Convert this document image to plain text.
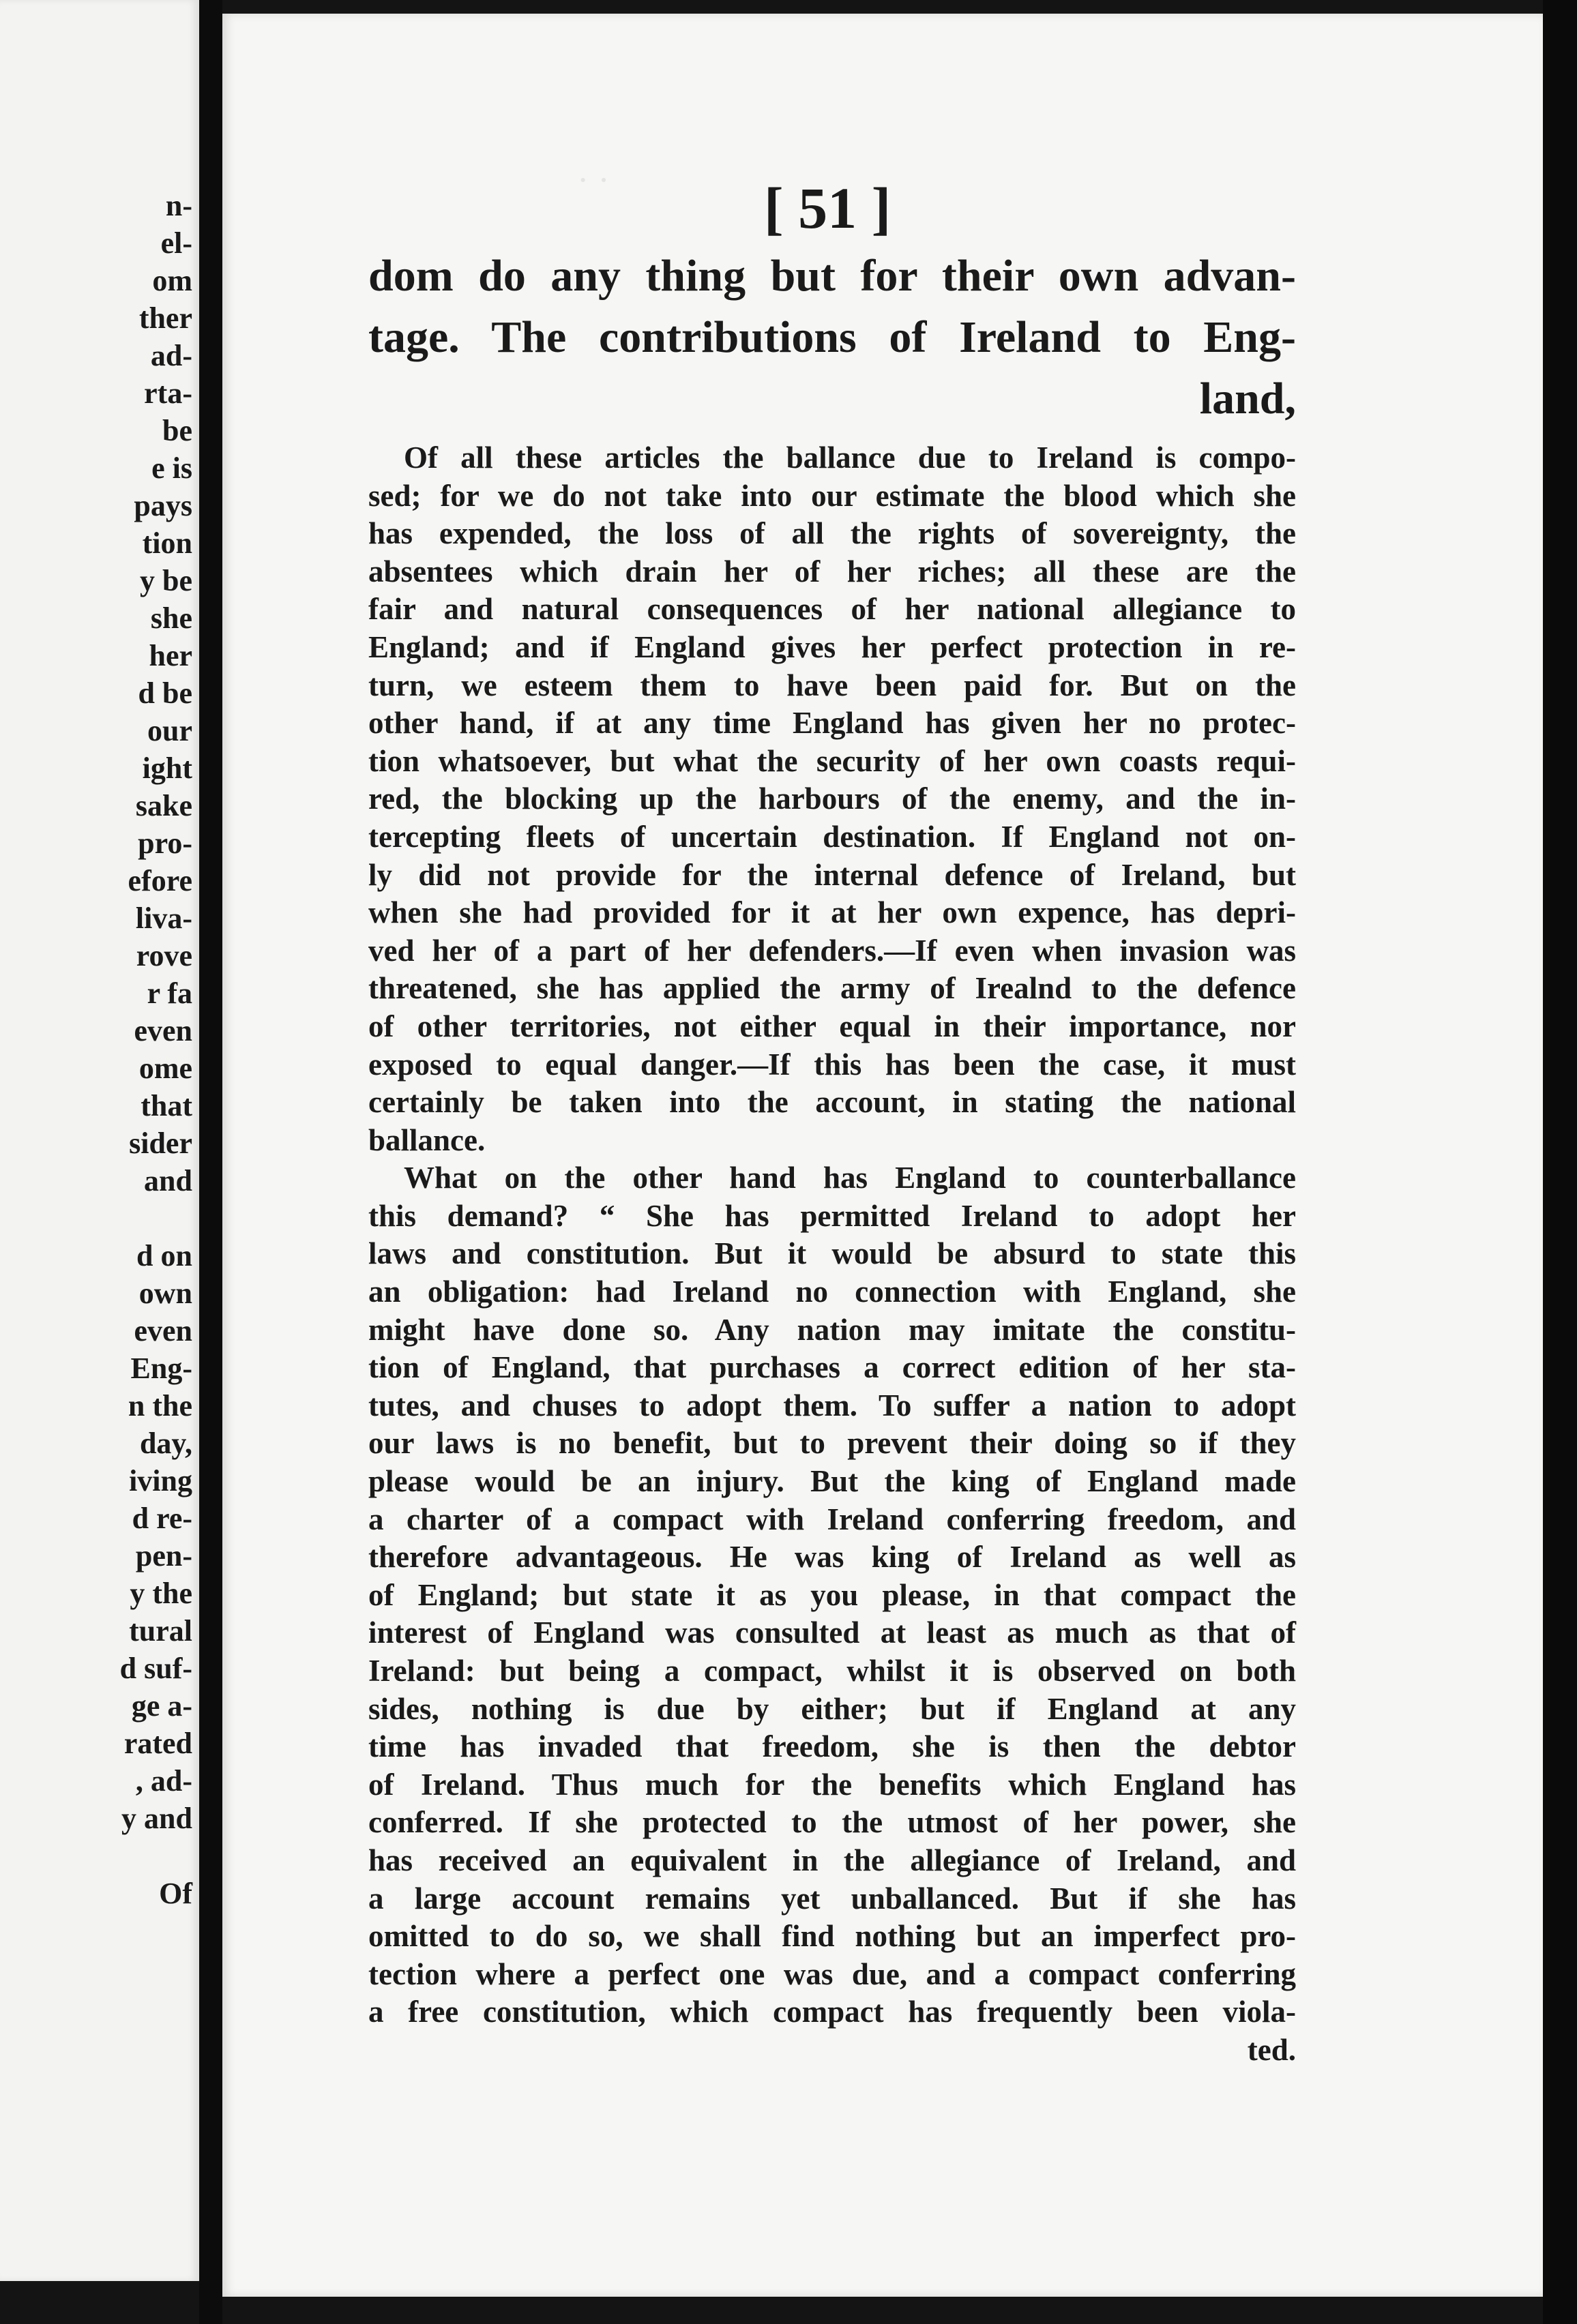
n-
el-
om
ther
ad-
rta-
be
e is
pays
tion
y be
she
her
d be
our
ight
sake
pro-
efore
liva-
rove
r fa
even
ome
that
sider
and
d on
own
even
Eng-
n the
day,
iving
d re-
pen-
y the
tural
d suf-
ge a-
rated
, ad-
y and
Of
· ·	[ 51 ]
dom do any thing but for their own advan-
tage. The contributions of Ireland to Eng-
land,
Of all these articles the ballance due to Ireland is compo-
sed; for we do not take into our estimate the blood which she
has expended, the loss of all the rights of sovereignty, the
absentees which drain her of her riches; all these are the
fair and natural consequences of her national allegiance to
England; and if England gives her perfect protection in re-
turn, we esteem them to have been paid for. But on the
other hand, if at any time England has given her no protec-
tion whatsoever, but what the security of her own coasts requi-
red, the blocking up the harbours of the enemy, and the in-
tercepting fleets of uncertain destination. If England not on-
ly did not provide for the internal defence of Ireland, but
when she had provided for it at her own expence, has depri-
ved her of a part of her defenders.—If even when invasion was
threatened, she has applied the army of Irealnd to the defence
of other territories, not either equal in their importance, nor
exposed to equal danger.—If this has been the case, it must
certainly be taken into the account, in stating the national
ballance.
What on the other hand has England to counterballance
this demand? “ She has permitted Ireland to adopt her
laws and constitution. But it would be absurd to state this
an obligation: had Ireland no connection with England, she
might have done so. Any nation may imitate the constitu-
tion of England, that purchases a correct edition of her sta-
tutes, and chuses to adopt them. To suffer a nation to adopt
our laws is no benefit, but to prevent their doing so if they
please would be an injury. But the king of England made
a charter of a compact with Ireland conferring freedom, and
therefore advantageous. He was king of Ireland as well as
of England; but state it as you please, in that compact the
interest of England was consulted at least as much as that of
Ireland: but being a compact, whilst it is observed on both
sides, nothing is due by either; but if England at any
time has invaded that freedom, she is then the debtor
of Ireland. Thus much for the benefits which England has
conferred. If she protected to the utmost of her power, she
has received an equivalent in the allegiance of Ireland, and
a large account remains yet unballanced. But if she has
omitted to do so, we shall find nothing but an imperfect pro-
tection where a perfect one was due, and a compact conferring
a free constitution, which compact has frequently been viola-
ted.
